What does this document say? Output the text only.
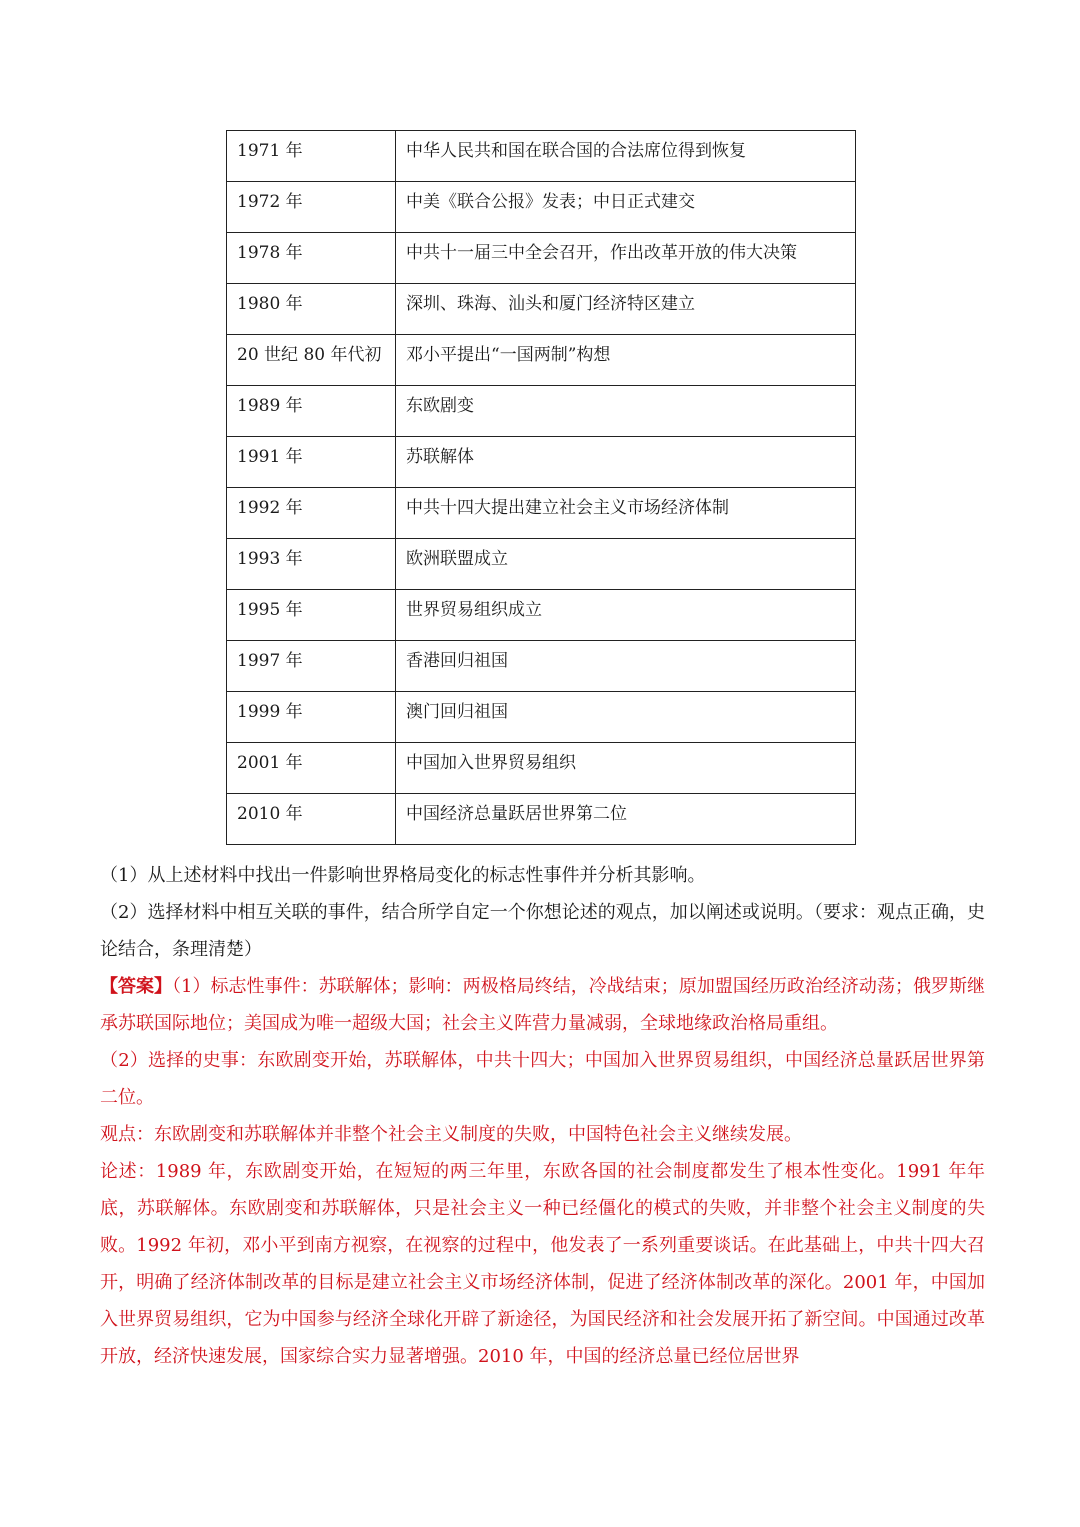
1971 年	中华人民共和国在联合国的合法席位得到恢复
1972 年	中美《联合公报》发表；中日正式建交
1978 年	中共十一届三中全会召开，作出改革开放的伟大决策
1980 年	深圳、珠海、汕头和厦门经济特区建立
20 世纪 80 年代初	邓小平提出“一国两制”构想
1989 年	东欧剧变
1991 年	苏联解体
1992 年	中共十四大提出建立社会主义市场经济体制
1993 年	欧洲联盟成立
1995 年	世界贸易组织成立
1997 年	香港回归祖国
1999 年	澳门回归祖国
2001 年	中国加入世界贸易组织
2010 年	中国经济总量跃居世界第二位

（1）从上述材料中找出一件影响世界格局变化的标志性事件并分析其影响。

（2）选择材料中相互关联的事件，结合所学自定一个你想论述的观点，加以阐述或说明。（要求：观点正确，史论结合，条理清楚）

【答案】（1）标志性事件：苏联解体；影响：两极格局终结，冷战结束；原加盟国经历政治经济动荡；俄罗斯继承苏联国际地位；美国成为唯一超级大国；社会主义阵营力量减弱，全球地缘政治格局重组。

（2）选择的史事：东欧剧变开始，苏联解体，中共十四大；中国加入世界贸易组织，中国经济总量跃居世界第二位。

观点：东欧剧变和苏联解体并非整个社会主义制度的失败，中国特色社会主义继续发展。

论述：1989 年，东欧剧变开始，在短短的两三年里，东欧各国的社会制度都发生了根本性变化。1991 年年底，苏联解体。东欧剧变和苏联解体，只是社会主义一种已经僵化的模式的失败，并非整个社会主义制度的失败。1992 年初，邓小平到南方视察，在视察的过程中，他发表了一系列重要谈话。在此基础上，中共十四大召开，明确了经济体制改革的目标是建立社会主义市场经济体制，促进了经济体制改革的深化。2001 年，中国加入世界贸易组织，它为中国参与经济全球化开辟了新途径，为国民经济和社会发展开拓了新空间。中国通过改革开放，经济快速发展，国家综合实力显著增强。2010 年，中国的经济总量已经位居世界
